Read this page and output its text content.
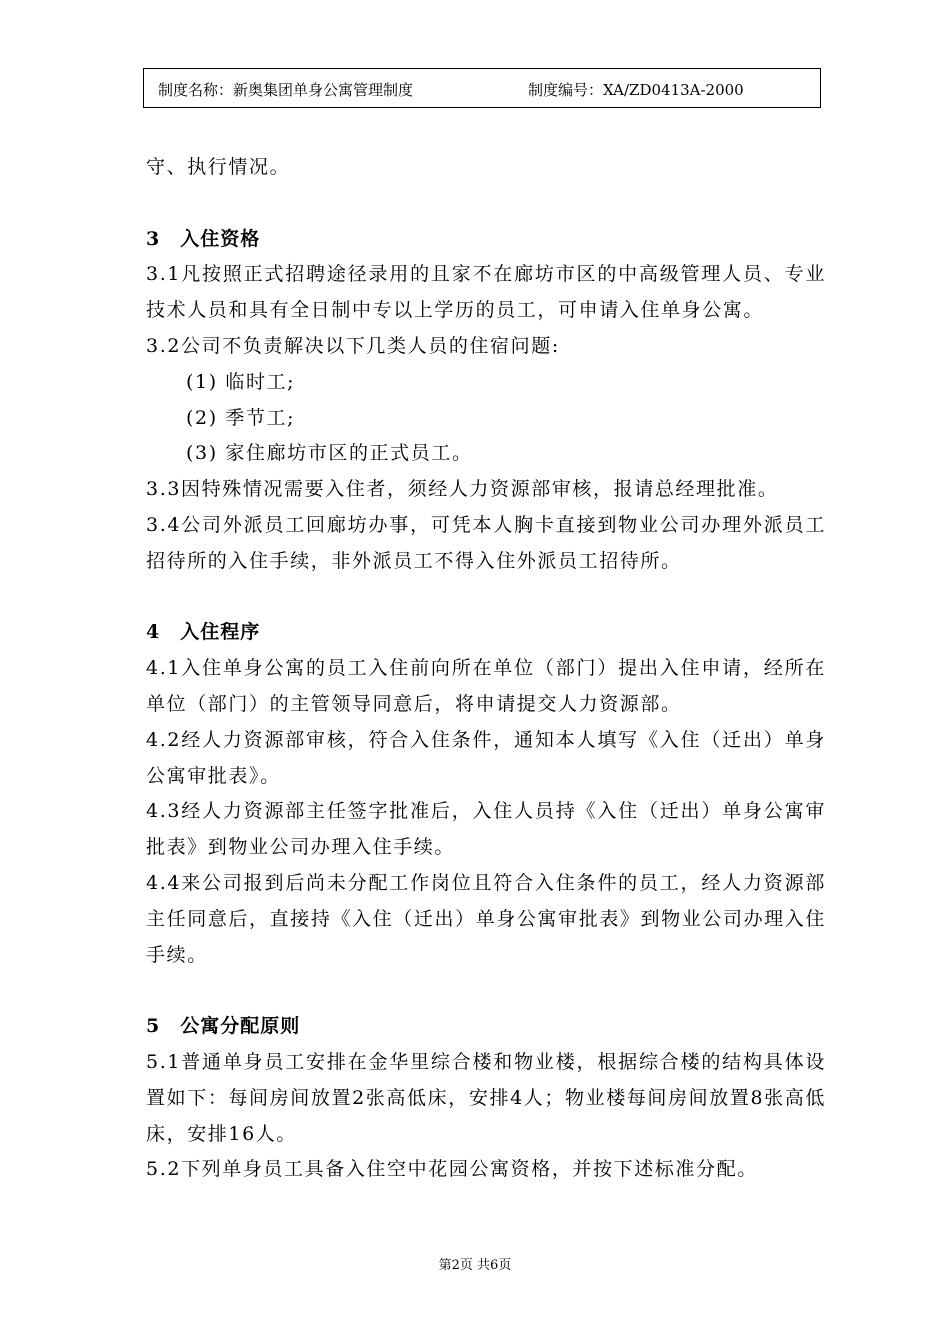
制度名称：新奥集团单身公寓管理制度	制度编号：XA/ZD0413A-2000

守、执行情况。

3　入住资格

3.1凡按照正式招聘途径录用的且家不在廊坊市区的中高级管理人员、专业技术人员和具有全日制中专以上学历的员工，可申请入住单身公寓。

3.2公司不负责解决以下几类人员的住宿问题:

(1) 临时工;

(2) 季节工;

(3) 家住廊坊市区的正式员工。

3.3因特殊情况需要入住者，须经人力资源部审核，报请总经理批准。

3.4公司外派员工回廊坊办事，可凭本人胸卡直接到物业公司办理外派员工招待所的入住手续，非外派员工不得入住外派员工招待所。

4　入住程序

4.1入住单身公寓的员工入住前向所在单位（部门）提出入住申请，经所在单位（部门）的主管领导同意后，将申请提交人力资源部。

4.2经人力资源部审核，符合入住条件，通知本人填写《入住（迁出）单身公寓审批表》。

4.3经人力资源部主任签字批准后，入住人员持《入住（迁出）单身公寓审批表》到物业公司办理入住手续。

4.4来公司报到后尚未分配工作岗位且符合入住条件的员工，经人力资源部主任同意后，直接持《入住（迁出）单身公寓审批表》到物业公司办理入住手续。

5　公寓分配原则

5.1普通单身员工安排在金华里综合楼和物业楼，根据综合楼的结构具体设置如下：每间房间放置2张高低床，安排4人；物业楼每间房间放置8张高低床，安排16人。

5.2下列单身员工具备入住空中花园公寓资格，并按下述标准分配。

第2页 共6页
